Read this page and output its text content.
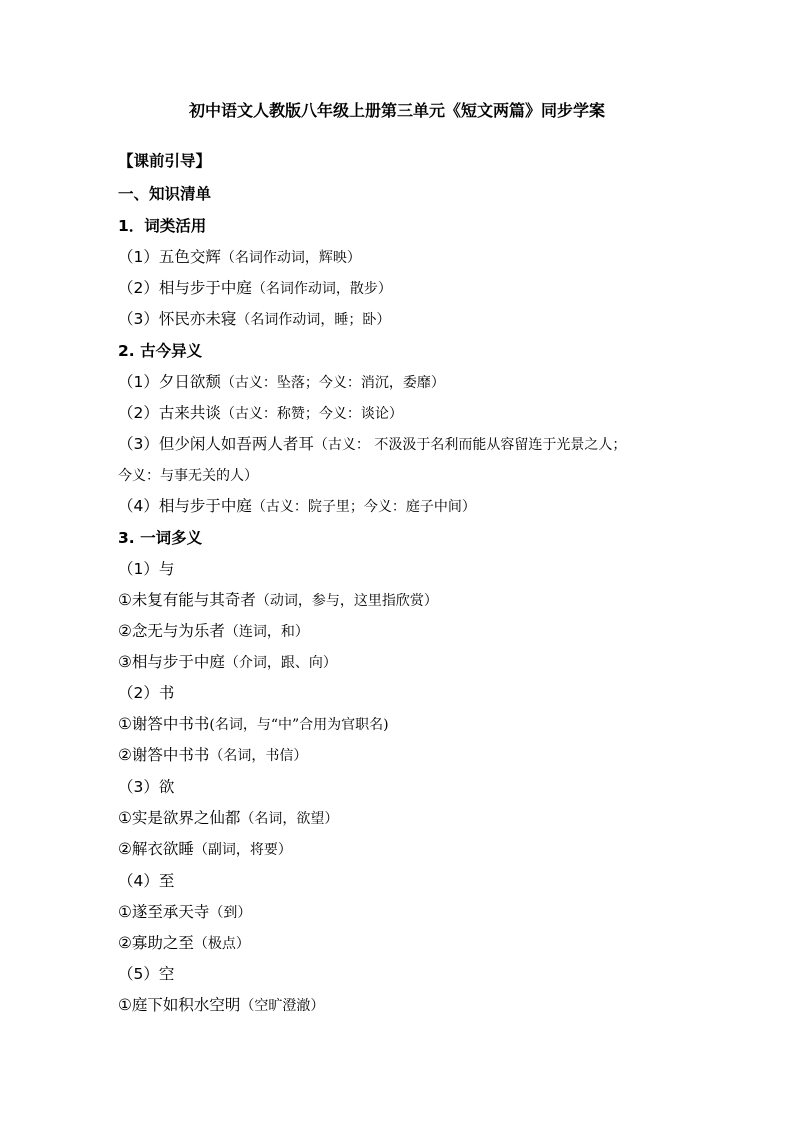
初中语文人教版八年级上册第三单元《短文两篇》同步学案
【课前引导】
一、知识清单
1．词类活用
（1）五色交辉（名词作动词，辉映）
（2）相与步于中庭（名词作动词，散步）
（3）怀民亦未寝（名词作动词，睡；卧）
2. 古今异义
（1）夕日欲颓（古义：坠落；今义：消沉，委靡）
（2）古来共谈（古义：称赞；今义：谈论）
（3）但少闲人如吾两人者耳（古义： 不汲汲于名利而能从容留连于光景之人；
今义：与事无关的人）
（4）相与步于中庭（古义：院子里；今义：庭子中间）
3. 一词多义
（1）与
①未复有能与其奇者（动词，参与，这里指欣赏）
②念无与为乐者（连词，和）
③相与步于中庭（介词，跟、向）
（2）书
①谢答中书书(名词，与“中”合用为官职名)
②谢答中书书（名词，书信）
（3）欲
①实是欲界之仙都（名词，欲望）
②解衣欲睡（副词，将要）
（4）至
①遂至承天寺（到）
②寡助之至（极点）
（5）空
①庭下如积水空明（空旷澄澈）
